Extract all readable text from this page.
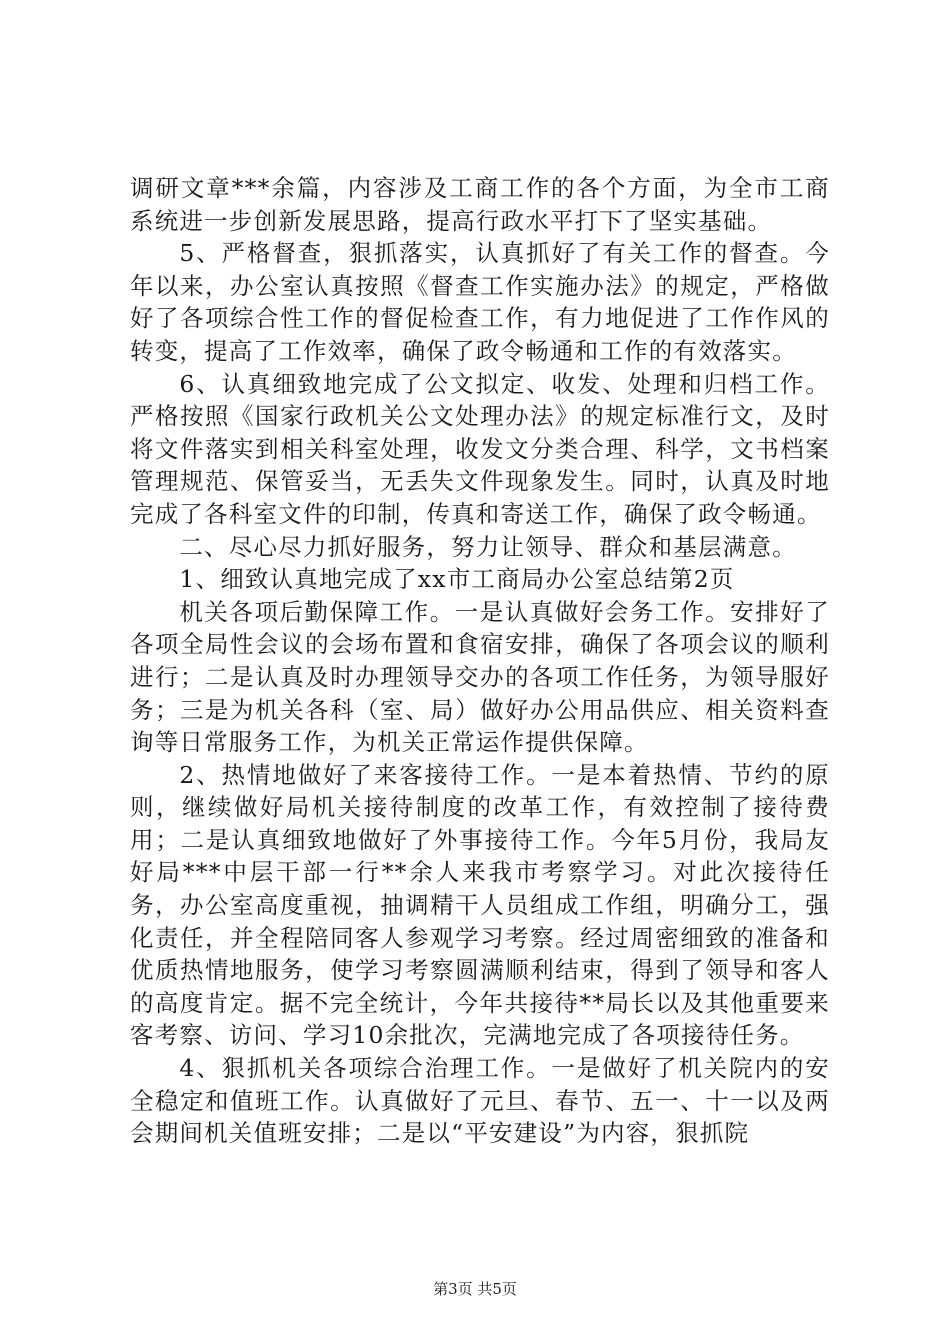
调研文章***余篇，内容涉及工商工作的各个方面，为全市工商系统进一步创新发展思路，提高行政水平打下了坚实基础。

5、严格督查，狠抓落实，认真抓好了有关工作的督查。今年以来，办公室认真按照《督查工作实施办法》的规定，严格做好了各项综合性工作的督促检查工作，有力地促进了工作作风的转变，提高了工作效率，确保了政令畅通和工作的有效落实。

6、认真细致地完成了公文拟定、收发、处理和归档工作。严格按照《国家行政机关公文处理办法》的规定标准行文，及时将文件落实到相关科室处理，收发文分类合理、科学，文书档案管理规范、保管妥当，无丢失文件现象发生。同时，认真及时地完成了各科室文件的印制，传真和寄送工作，确保了政令畅通。

二、尽心尽力抓好服务，努力让领导、群众和基层满意。

1、细致认真地完成了xx市工商局办公室总结第2页

机关各项后勤保障工作。一是认真做好会务工作。安排好了各项全局性会议的会场布置和食宿安排，确保了各项会议的顺利进行；二是认真及时办理领导交办的各项工作任务，为领导服好务；三是为机关各科（室、局）做好办公用品供应、相关资料查询等日常服务工作，为机关正常运作提供保障。

2、热情地做好了来客接待工作。一是本着热情、节约的原则，继续做好局机关接待制度的改革工作，有效控制了接待费用；二是认真细致地做好了外事接待工作。今年5月份，我局友好局***中层干部一行**余人来我市考察学习。对此次接待任务，办公室高度重视，抽调精干人员组成工作组，明确分工，强化责任，并全程陪同客人参观学习考察。经过周密细致的准备和优质热情地服务，使学习考察圆满顺利结束，得到了领导和客人的高度肯定。据不完全统计，今年共接待**局长以及其他重要来客考察、访问、学习10余批次，完满地完成了各项接待任务。

4、狠抓机关各项综合治理工作。一是做好了机关院内的安全稳定和值班工作。认真做好了元旦、春节、五一、十一以及两会期间机关值班安排；二是以“平安建设”为内容，狠抓院

第3页 共5页
